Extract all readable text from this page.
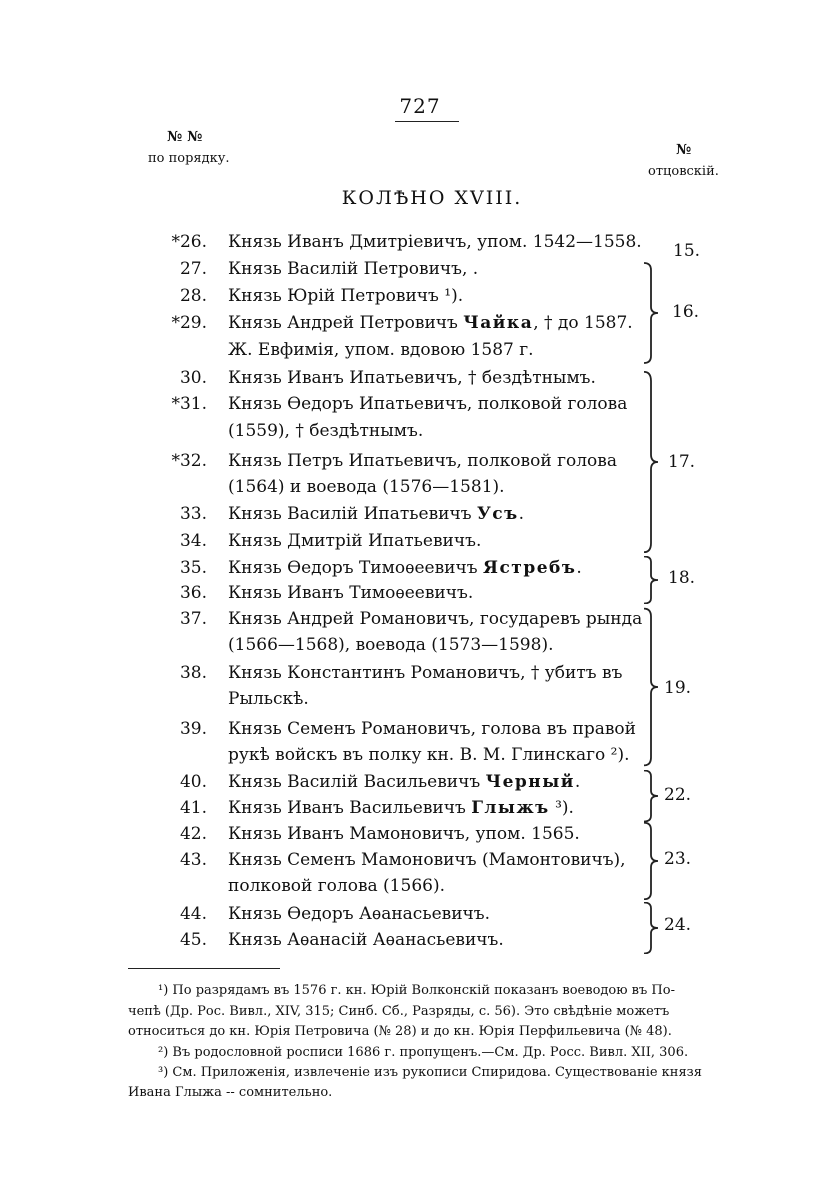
727
№ №
по порядку.
№
отцовскій.
КОЛѢНО XVIII.
*26. Князь Иванъ Дмитріевичъ, упом. 1542—1558.
27. Князь Василій Петровичъ, .
28. Князь Юрій Петровичъ ¹).
*29. Князь Андрей Петровичъ Чайка, † до 1587.
Ж. Евфимія, упом. вдовою 1587 г.
30. Князь Иванъ Ипатьевичъ, † бездѣтнымъ.
*31. Князь Ѳедоръ Ипатьевичъ, полковой голова
(1559), † бездѣтнымъ.
*32. Князь Петръ Ипатьевичъ, полковой голова
(1564) и воевода (1576—1581).
33. Князь Василій Ипатьевичъ Усъ.
34. Князь Дмитрій Ипатьевичъ.
35. Князь Ѳедоръ Тимоѳеевичъ Ястребъ.
36. Князь Иванъ Тимоѳеевичъ.
37. Князь Андрей Романовичъ, государевъ рында
(1566—1568), воевода (1573—1598).
38. Князь Константинъ Романовичъ, † убитъ въ
Рыльскѣ.
39. Князь Семенъ Романовичъ, голова въ правой
рукѣ войскъ въ полку кн. В. М. Глинскаго ²).
40. Князь Василій Васильевичъ Черный.
41. Князь Иванъ Васильевичъ Глыжъ ³).
42. Князь Иванъ Мамоновичъ, упом. 1565.
43. Князь Семенъ Мамоновичъ (Мамонтовичъ),
полковой голова (1566).
44. Князь Ѳедоръ Аѳанасьевичъ.
45. Князь Аѳанасій Аѳанасьевичъ.
15.
16.
17.
18.
19.
22.
23.
24.
¹) По разрядамъ въ 1576 г. кн. Юрій Волконскій показанъ воеводою въ По-
чепѣ (Др. Рос. Вивл., XIV, 315; Синб. Сб., Разряды, с. 56). Это свѣдѣніе можетъ
относиться до кн. Юрія Петровича (№ 28) и до кн. Юрія Перфильевича (№ 48).
²) Въ родословной росписи 1686 г. пропущенъ.—См. Др. Росс. Вивл. XII, 306.
³) См. Приложенія, извлеченіе изъ рукописи Спиридова. Существованіе князя
Ивана Глыжа -- сомнительно.
